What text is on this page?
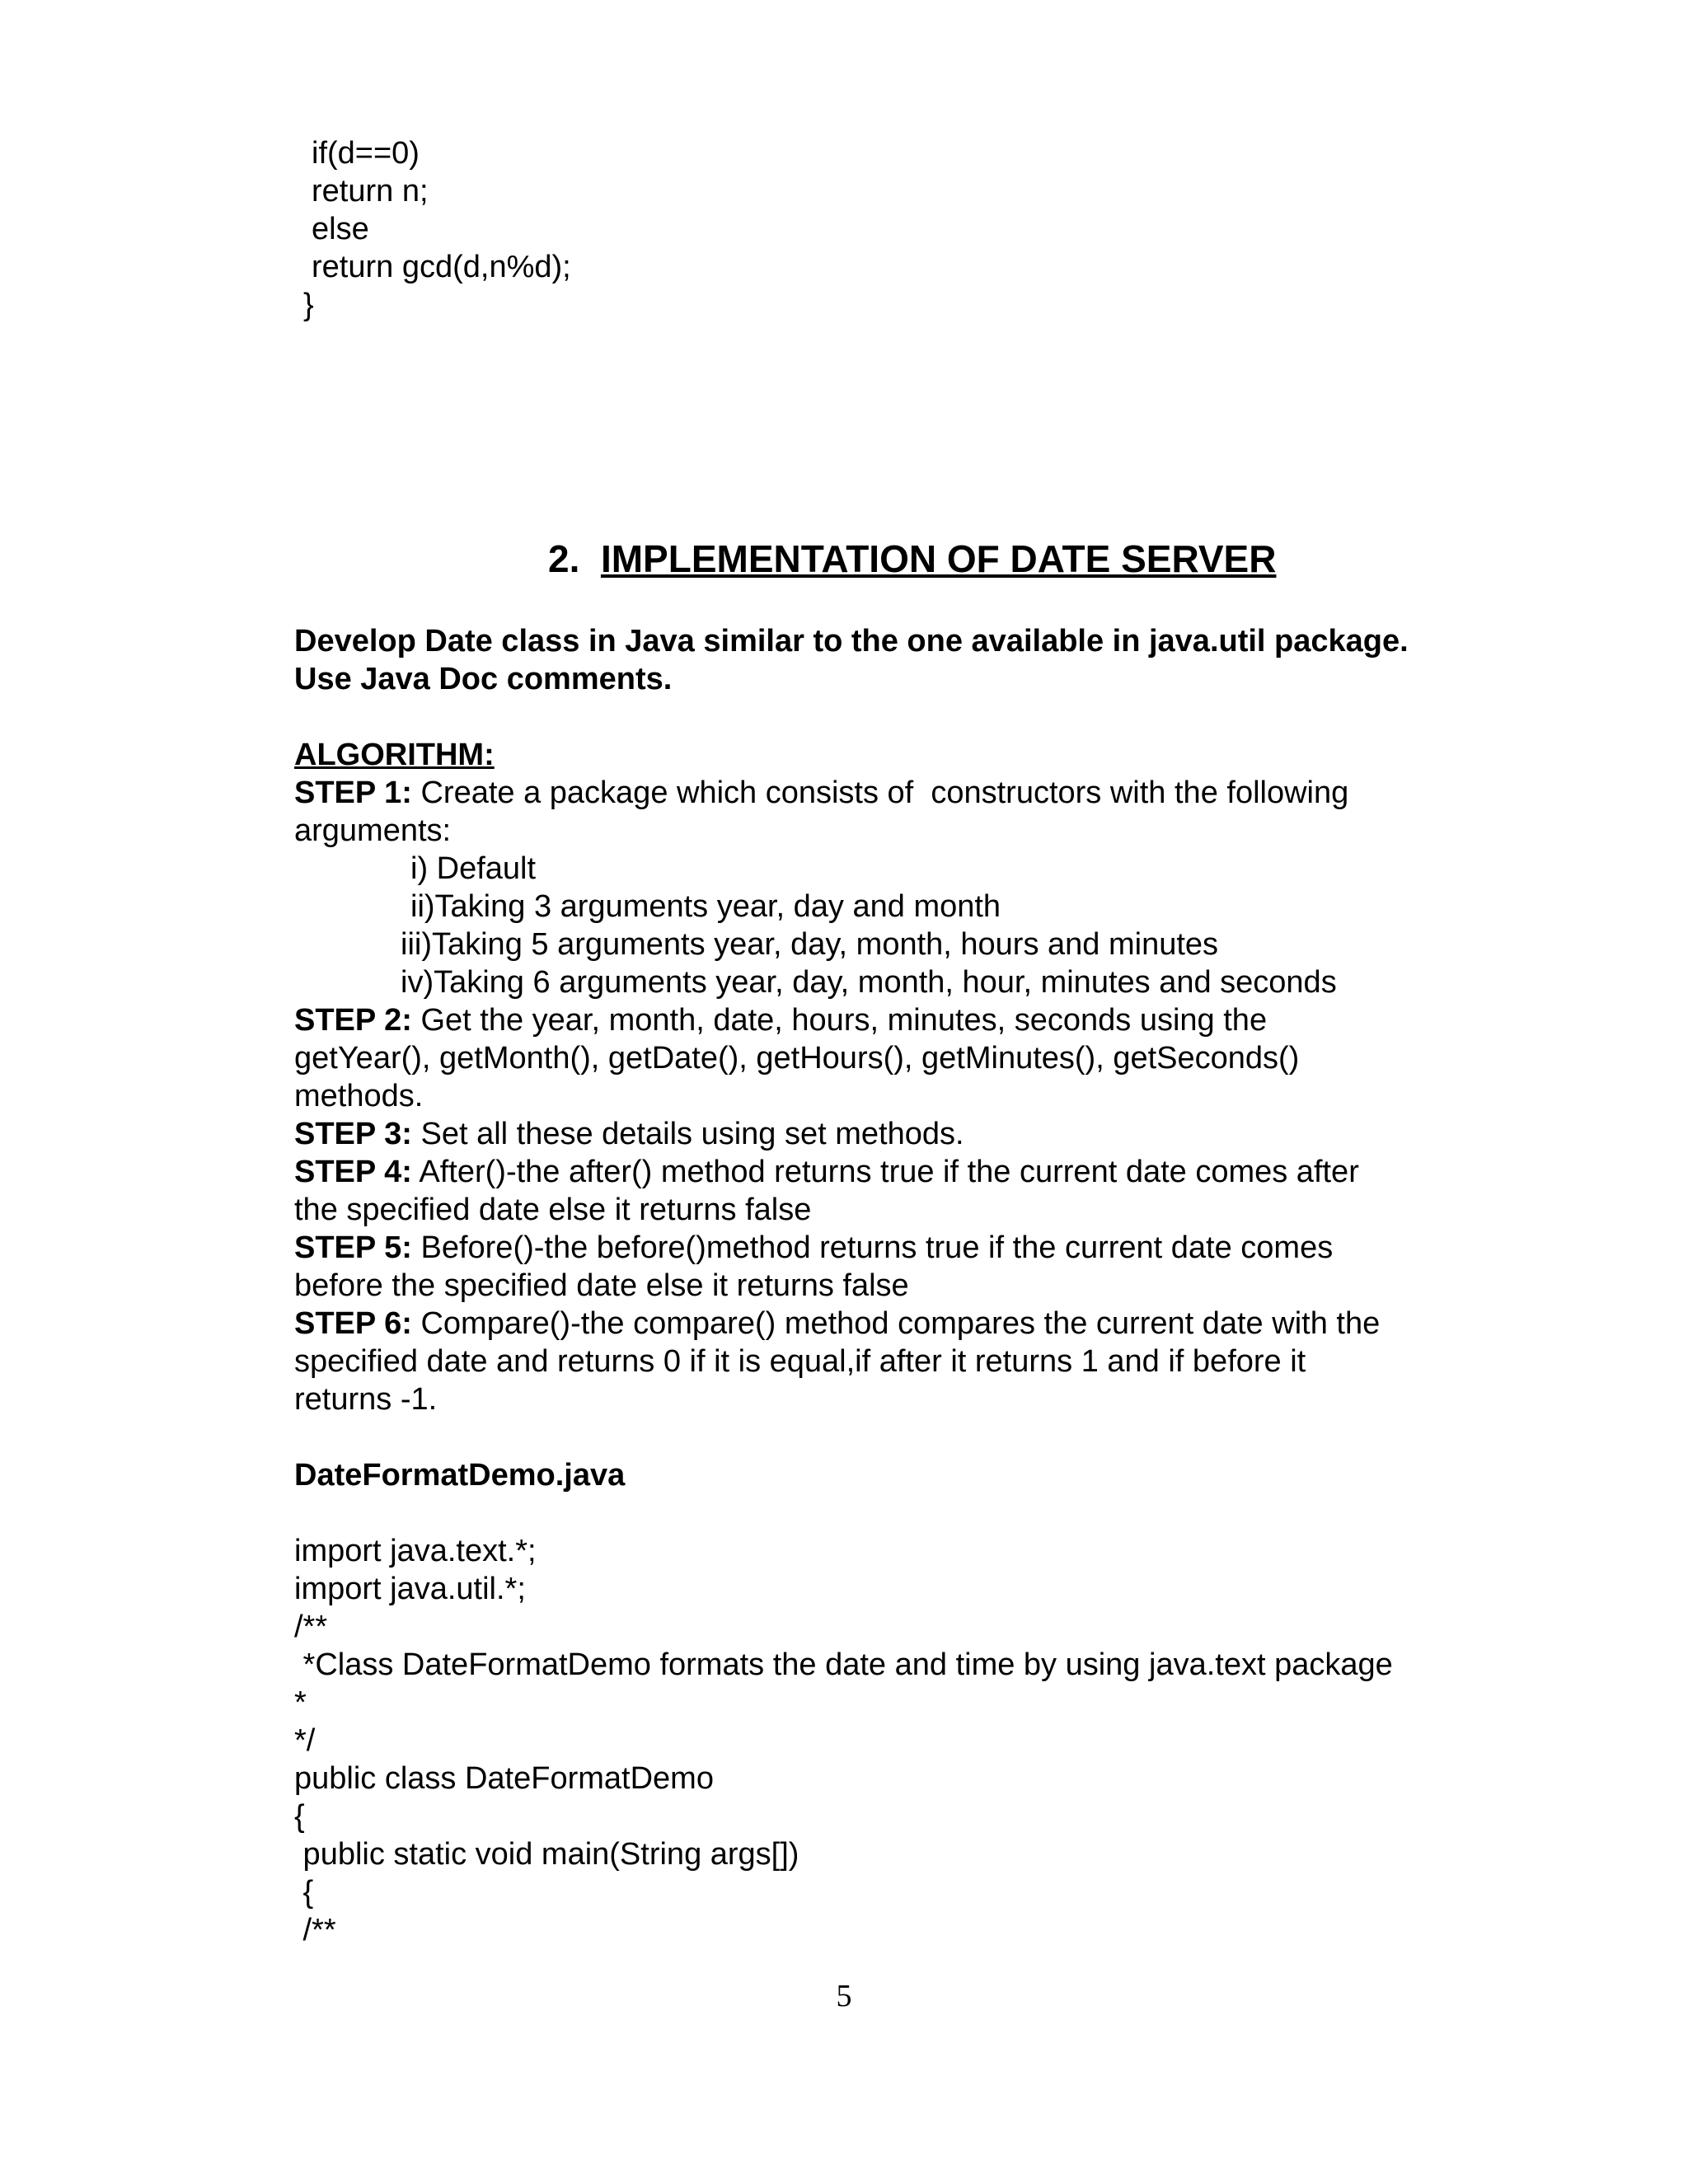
if(d==0)

return n;

else

return gcd(d,n%d);

}

2. IMPLEMENTATION OF DATE SERVER

Develop Date class in Java similar to the one available in java.util package.

Use Java Doc comments.

ALGORITHM:

STEP 1: Create a package which consists of  constructors with the following

arguments:

i) Default

ii)Taking 3 arguments year, day and month

iii)Taking 5 arguments year, day, month, hours and minutes

iv)Taking 6 arguments year, day, month, hour, minutes and seconds

STEP 2: Get the year, month, date, hours, minutes, seconds using the

getYear(), getMonth(), getDate(), getHours(), getMinutes(), getSeconds()

methods.

STEP 3: Set all these details using set methods.

STEP 4: After()-the after() method returns true if the current date comes after

the specified date else it returns false

STEP 5: Before()-the before()method returns true if the current date comes

before the specified date else it returns false

STEP 6: Compare()-the compare() method compares the current date with the

specified date and returns 0 if it is equal,if after it returns 1 and if before it

returns -1.

DateFormatDemo.java

import java.text.*;

import java.util.*;

/**

*Class DateFormatDemo formats the date and time by using java.text package

*

*/

public class DateFormatDemo

{

public static void main(String args[])

{

/**

5
